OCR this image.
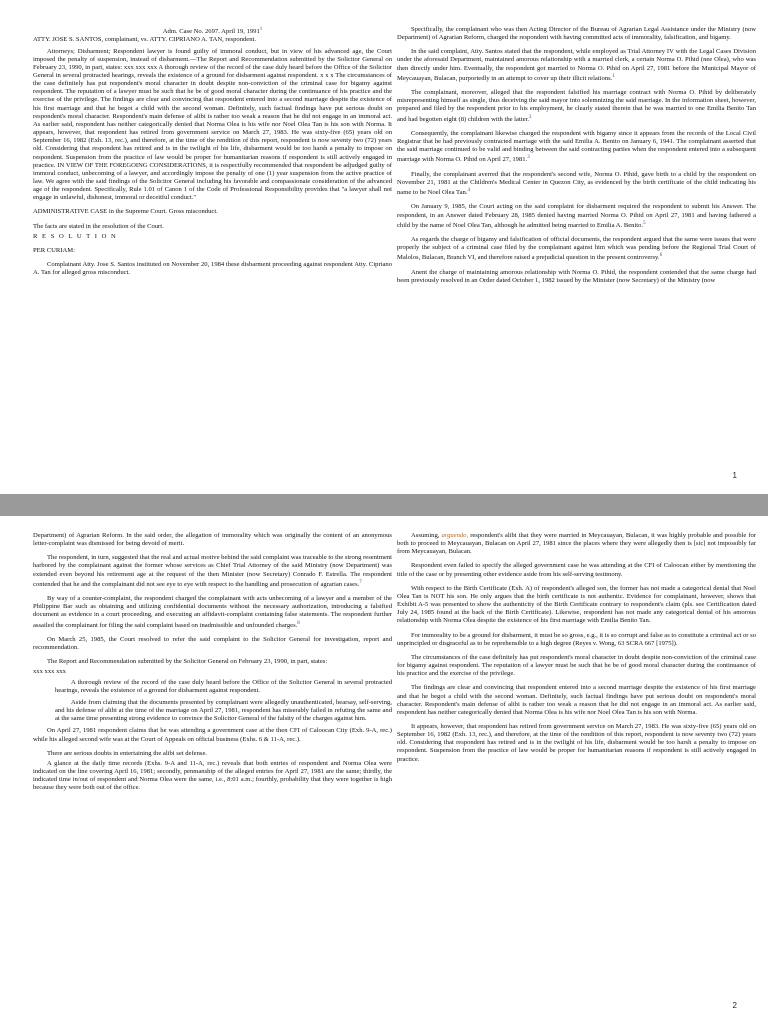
Adm. Case No. 2697. April 19, 1991$^1$

ATTY. JOSE S. SANTOS, complainant, vs. ATTY. CIPRIANO A. TAN, respondent.

Attorneys; Disbarment; Respondent lawyer is found guilty of immoral conduct, but in view of his advanced age, the Court imposed the penalty of suspension, instead of disbarment.—The Report and Recommendation submitted by the Solicitor General on February 23, 1990, in part, states: xxx xxx xxx A thorough review of the record of the case duly heard before the Office of the Solicitor General in several protracted hearings, reveals the existence of a ground for disbarment against respondent. x x x The circumstances of the case definitely has put respondent's moral character in doubt despite non-conviction of the criminal case for bigamy against respondent. The reputation of a lawyer must be such that he be of good moral character during the continuance of his practice and the exercise of the privilege. The findings are clear and convincing that respondent entered into a second marriage despite the existence of his first marriage and that he begot a child with the second woman. Definitely, such factual findings have put serious doubt on respondent's moral character. Respondent's main defense of alibi is rather too weak a reason that he did not engage in an immoral act. As earlier said, respondent has neither categorically denied that Norma Olea is his wife nor Noel Olea Tan is his son with Norma. It appears, however, that respondent has retired from government service on March 27, 1983. He was sixty-five (65) years old on September 16, 1982 (Exh. 13, rec.), and therefore, at the time of the rendition of this report, respondent is now seventy two (72) years old. Considering that respondent has retired and is in the twilight of his life, disbarment would be too harsh a penalty to impose on respondent. Suspension from the practice of law would be proper for humanitarian reasons if respondent is still actively engaged in practice. IN VIEW OF THE FOREGOING CONSIDERATIONS, it is respectfully recommended that respondent be adjudged guilty of immoral conduct, unbecoming of a lawyer, and accordingly impose the penalty of one (1) year suspension from the active practice of law. We agree with the said findings of the Solicitor General including his favorable and compassionate consideration of the advanced age of the respondent. Specifically, Rule 1.01 of Canon 1 of the Code of Professional Responsibility provides that "a lawyer shall not engage in unlawful, dishonest, immoral or deceitful conduct."

ADMINISTRATIVE CASE in the Supreme Court. Gross misconduct.

The facts are stated in the resolution of the Court.

R E S O L U T I O N

PER CURIAM:

Complainant Atty. Jose S. Santos instituted on November 20, 1984 these disbarment proceeding against respondent Atty. Cipriano A. Tan for alleged gross misconduct.

Specifically, the complainant who was then Acting Director of the Bureau of Agrarian Legal Assistance under the Ministry (now Department) of Agrarian Reform, charged the respondent with having committed acts of immorality, falsification, and bigamy.

In the said complaint, Atty. Santos stated that the respondent, while employed as Trial Attorney IV with the Legal Cases Division under the aforesaid Department, maintained amorous relationship with a married clerk, a certain Norma O. Pihid (nee Olea), who was then directly under him. Eventually, the respondent got married to Norma O. Pihid on April 27, 1981 before the Municipal Mayor of Meycauayan, Bulacan, purportedly in an attempt to cover up their illicit relations.$^1$

The complainant, moreover, alleged that the respondent falsified his marriage contract with Norma O. Pihid by deliberately misrepresenting himself as single, thus deceiving the said mayor into solemnizing the said marriage. In the information sheet, however, prepared and filed by the respondent prior to his employment, he clearly stated therein that he was married to one Emilia Benito Tan and had begotten eight (8) children with the latter.$^2$

Consequently, the complainant likewise charged the respondent with bigamy since it appears from the records of the Local Civil Registrar that he had previously contracted marriage with the said Emilia A. Benito on January 6, 1941. The complainant asserted that the said marriage continued to be valid and binding between the said contracting parties when the respondent entered into a subsequent marriage with Norma O. Pihid on April 27, 1981.$^3$

Finally, the complainant averred that the respondent's second wife, Norma O. Pihid, gave birth to a child by the respondent on November 21, 1981 at the Children's Medical Center in Quezon City, as evidenced by the birth certificate of the child indicating his name to be Noel Olea Tan.$^4$

On January 9, 1985, the Court acting on the said complaint for disbarment required the respondent to submit his Answer. The respondent, in an Answer dated February 28, 1985 denied having married Norma O. Pihid on April 27, 1981 and having fathered a child by the name of Noel Olea Tan, although he admitted being married to Emilia A. Benito.$^5$

As regards the charge of bigamy and falsification of official documents, the respondent argued that the same were issues that were properly the subject of a criminal case filed by the complainant against him which was pending before the Regional Trial Court of Malolos, Bulacan, Branch VI, and therefore raised a prejudicial question in the present controversy.$^6$

Anent the charge of maintaining amorous relationship with Norma O. Pihid, the respondent contended that the same charge had been previously resolved in an Order dated October 1, 1982 issued by the Minister (now Secretary) of the Ministry (now

1

Department) of Agrarian Reform. In the said order, the allegation of immorality which was originally the content of an anonymous letter-complaint was dismissed for being devoid of merit.

The respondent, in turn, suggested that the real and actual motive behind the said complaint was traceable to the strong resentment harbored by the complainant against the former whose services as Chief Trial Attorney of the said Ministry (now Department) was extended even beyond his retirement age at the request of the then Minister (now Secretary) Conrado F. Estrella. The respondent contended that he and the complainant did not see eye to eye with respect to the handling and prosecution of agrarian cases.$^7$

By way of a counter-complaint, the respondent charged the complainant with acts unbecoming of a lawyer and a member of the Philippine Bar such as obtaining and utilizing confidential documents without the necessary authorization, introducing a falsified document as evidence in a court proceeding, and executing an affidavit-complaint containing false statements. The respondent further assailed the complainant for filing the said complaint based on inadmissible and unfounded charges.$^8$

On March 25, 1985, the Court resolved to refer the said complaint to the Solicitor General for investigation, report and recommendation.

The Report and Recommendation submitted by the Solicitor General on February 23, 1990, in part, states:

xxx xxx xxx

A thorough review of the record of the case duly heard before the Office of the Solicitor General in several protracted hearings, reveals the existence of a ground for disbarment against respondent.
Aside from claiming that the documents presented by complainant were allegedly unauthenticated, hearsay, self-serving, and his defense of alibi at the time of the marriage on April 27, 1981, respondent has miserably failed in refuting the same and at the same time presenting strong evidence to convince the Solicitor General of the falsity of the charges against him.

On April 27, 1981 respondent claims that he was attending a government case at the then CFI of Caloocan City (Exh. 9-A, rec.) while his alleged second wife was at the Court of Appeals on official business (Exhs. 6 & 11-A, rec.).

There are serious doubts in entertaining the alibi set defense.

A glance at the daily time records (Exhs. 9-A and 11-A, rec.) reveals that both entries of respondent and Norma Olea were indicated on the line covering April 16, 1981; secondly, penmanship of the alleged entries for April 27, 1981 are the same; thirdly, the indicated time in/out of respondent and Norma Olea were the same, i.e., 8:01 a.m.; fourthly, probability that they were together is high because they were both out of the office.

Assuming, arguendo, respondent's alibi that they were married in Meycauayan, Bulacan, it was highly probable and possible for both to proceed to Meycauayan, Bulacan on April 27, 1981 since the places where they were allegedly then is [sic] not impossibly far from Meycauayan, Bulacan.

Respondent even failed to specify the alleged government case he was attending at the CFI of Caloocan either by mentioning the title of the case or by presenting other evidence aside from his self-serving testimony.

With respect to the Birth Certificate (Exh. A) of respondent's alleged son, the former has not made a categorical denial that Noel Olea Tan is NOT his son. He only argues that the birth certificate is not authentic. Evidence for complainant, however, shows that Exhibit A-5 was presented to show the authenticity of the Birth Certificate contrary to respondent's claim (pls. see Certification dated July 24, 1985 found at the back of the Birth Certificate). Likewise, respondent has not made any categorical denial of his amorous relationship with Norma Olea despite the existence of his first marriage with Emilia Benito Tan.

For immorality to be a ground for disbarment, it must be so gross, e.g., it is so corrupt and false as to constitute a criminal act or so unprincipled or disgraceful as to be reprehensible to a high degree (Reyes v. Wong, 63 SCRA 667 [1975]).

The circumstances of the case definitely has put respondent's moral character in doubt despite non-conviction of the criminal case for bigamy against respondent. The reputation of a lawyer must be such that he be of good moral character during the continuance of his practice and the exercise of the privilege.

The findings are clear and convincing that respondent entered into a second marriage despite the existence of his first marriage and that he begot a child with the second woman. Definitely, such factual findings have put serious doubt on respondent's moral character. Respondent's main defense of alibi is rather too weak a reason that he did not engage in an immoral act. As earlier said, respondent has neither categorically denied that Norma Olea is his wife nor Noel Olea Tan is his son with Norma.

It appears, however, that respondent has retired from government service on March 27, 1983. He was sixty-five (65) years old on September 16, 1982 (Exh. 13, rec.), and therefore, at the time of the rendition of this report, respondent is now seventy two (72) years old. Considering that respondent has retired and is in the twilight of his life, disbarment would be too harsh a penalty to impose on respondent. Suspension from the practice of law would be proper for humanitarian reasons if respondent is still actively engaged in practice.

2
